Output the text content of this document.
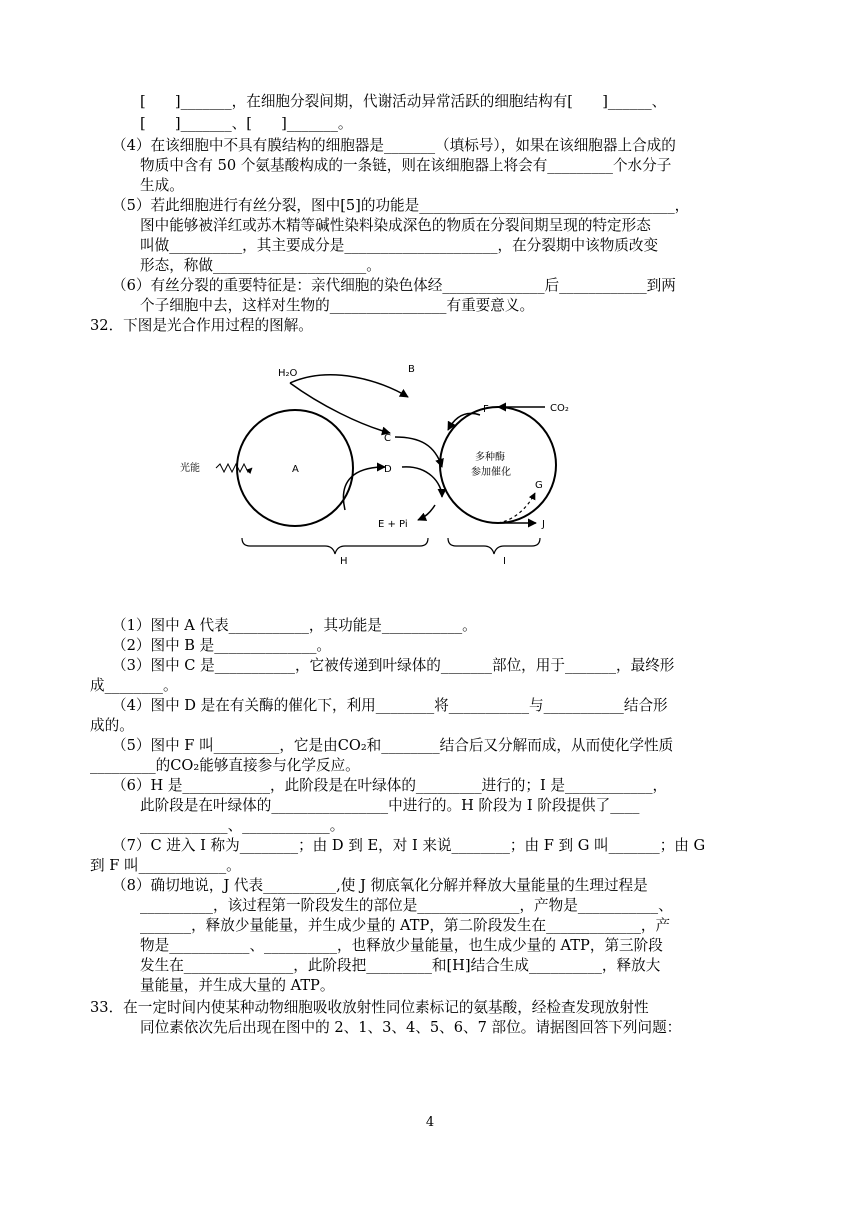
[　　]_______，在细胞分裂间期，代谢活动异常活跃的细胞结构有[　　]______、
[　　]_______、[　　]_______。
（4）在该细胞中不具有膜结构的细胞器是_______（填标号），如果在该细胞器上合成的
物质中含有 50 个氨基酸构成的一条链，则在该细胞器上将会有_________个水分子
生成。
（5）若此细胞进行有丝分裂，图中[5]的功能是___________________________________，
图中能够被洋红或苏木精等碱性染料染成深色的物质在分裂间期呈现的特定形态
叫做__________，其主要成分是_____________________，在分裂期中该物质改变
形态，称做_____________________。
（6）有丝分裂的重要特征是：亲代细胞的染色体经______________后____________到两
个子细胞中去，这样对生物的________________有重要意义。
32．下图是光合作用过程的图解。
H₂O	B
C
光能	A	D
E + Pi
F	CO₂
多种酶
参加催化
G
J
H	I
（1）图中 A 代表___________，其功能是___________。
（2）图中 B 是______________。
（3）图中 C 是___________，它被传递到叶绿体的_______部位，用于_______，最终形
成________。
（4）图中 D 是在有关酶的催化下，利用________将___________与___________结合形
成的。
（5）图中 F 叫_________，它是由CO₂和________结合后又分解而成，从而使化学性质
_________的CO₂能够直接参与化学反应。
（6）H 是____________，此阶段是在叶绿体的_________进行的；I 是____________，
此阶段是在叶绿体的________________中进行的。H 阶段为 I 阶段提供了____
____________、____________。
（7）C 进入 I 称为________；由 D 到 E，对 I 来说________；由 F 到 G 叫_______；由 G
到 F 叫____________。
（8）确切地说，J 代表__________,使 J 彻底氧化分解并释放大量能量的生理过程是
__________，该过程第一阶段发生的部位是______________，产物是___________、
_______，释放少量能量，并生成少量的 ATP，第二阶段发生在_____________，产
物是___________、__________，也释放少量能量，也生成少量的 ATP，第三阶段
发生在_______________，此阶段把_________和[H]结合生成__________，释放大
量能量，并生成大量的 ATP。
33．在一定时间内使某种动物细胞吸收放射性同位素标记的氨基酸，经检查发现放射性
同位素依次先后出现在图中的 2、1、3、4、5、6、7 部位。请据图回答下列问题：
4
